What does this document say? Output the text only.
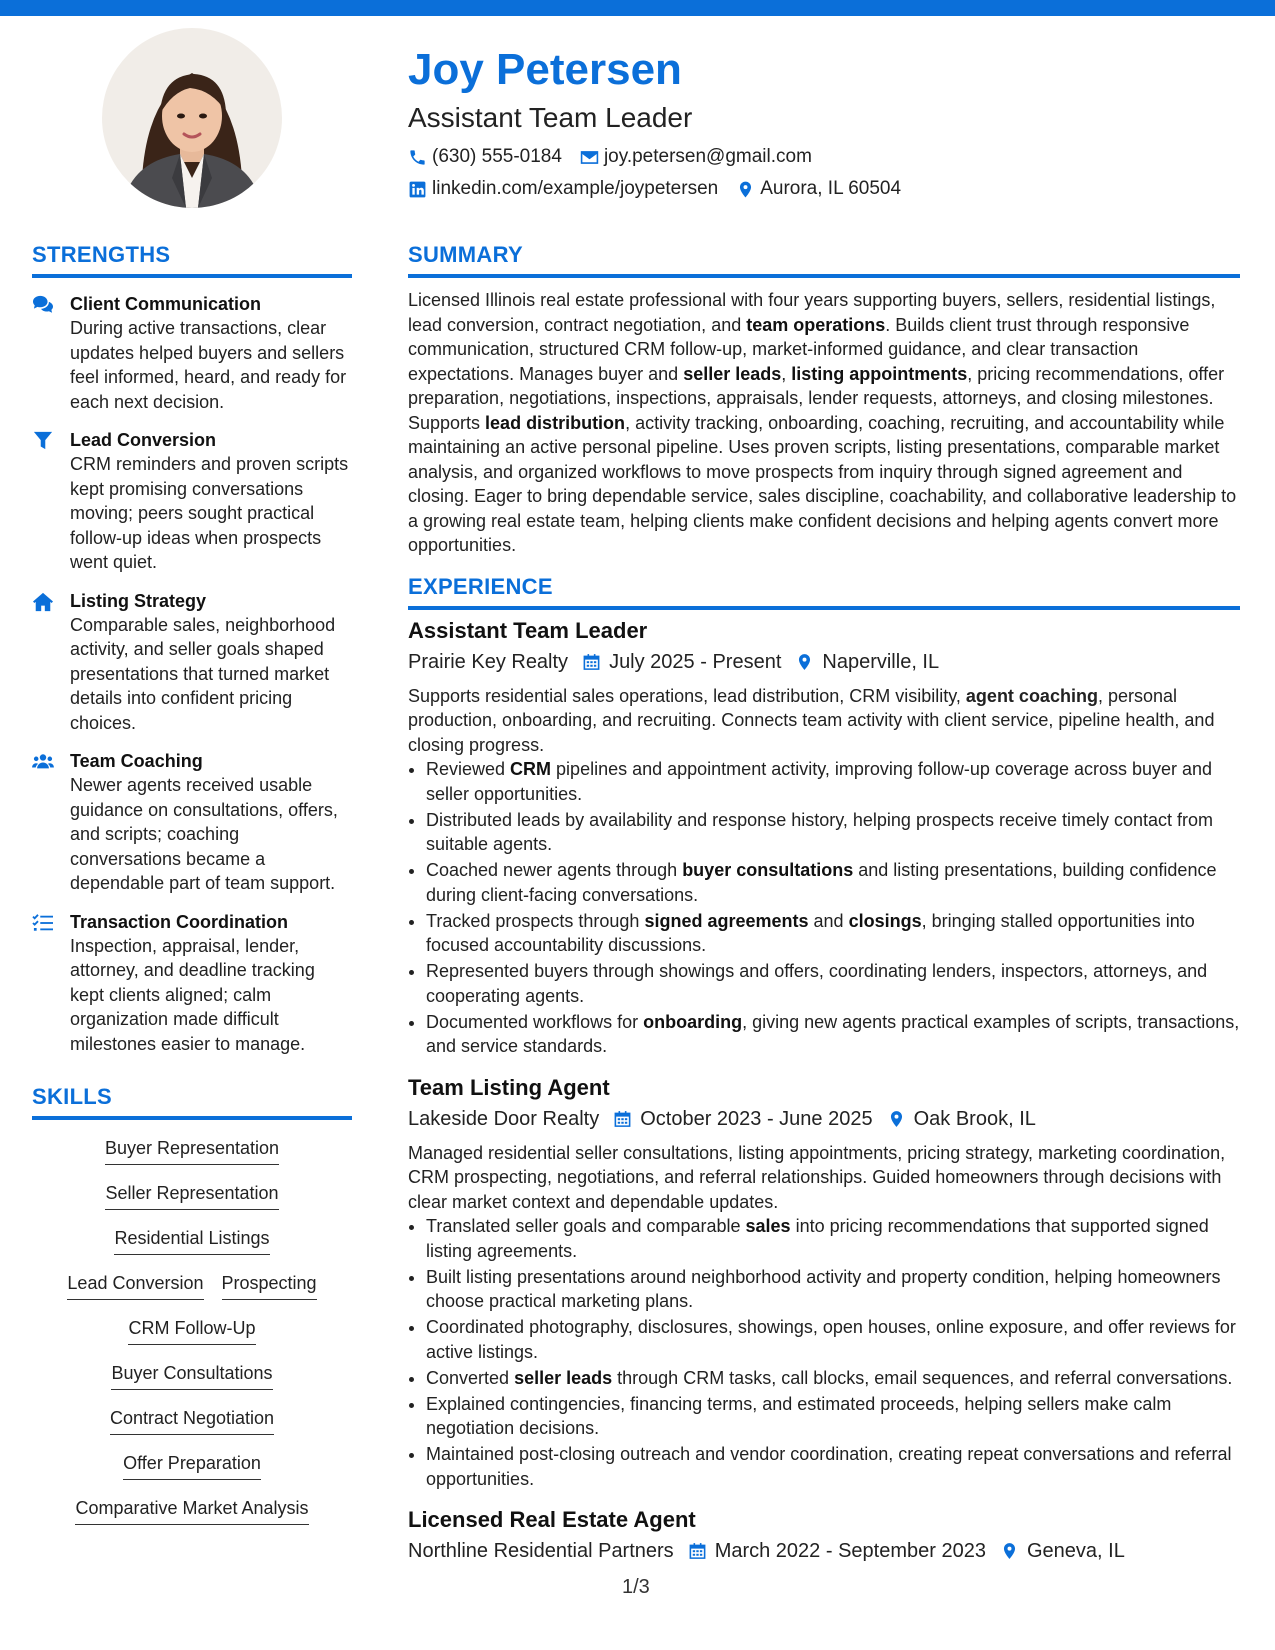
Joy Petersen
Assistant Team Leader
(630) 555-0184 joy.petersen@gmail.com
linkedin.com/example/joypetersen Aurora, IL 60504
STRENGTHS
Client Communication
During active transactions, clear updates helped buyers and sellers feel informed, heard, and ready for each next decision.
Lead Conversion
CRM reminders and proven scripts kept promising conversations moving; peers sought practical follow-up ideas when prospects went quiet.
Listing Strategy
Comparable sales, neighborhood activity, and seller goals shaped presentations that turned market details into confident pricing choices.
Team Coaching
Newer agents received usable guidance on consultations, offers, and scripts; coaching conversations became a dependable part of team support.
Transaction Coordination
Inspection, appraisal, lender, attorney, and deadline tracking kept clients aligned; calm organization made difficult milestones easier to manage.
SKILLS
Buyer Representation
Seller Representation
Residential Listings
Lead Conversion Prospecting
CRM Follow-Up
Buyer Consultations
Contract Negotiation
Offer Preparation
Comparative Market Analysis
SUMMARY
Licensed Illinois real estate professional with four years supporting buyers, sellers, residential listings, lead conversion, contract negotiation, and team operations. Builds client trust through responsive communication, structured CRM follow-up, market-informed guidance, and clear transaction expectations. Manages buyer and seller leads, listing appointments, pricing recommendations, offer preparation, negotiations, inspections, appraisals, lender requests, attorneys, and closing milestones. Supports lead distribution, activity tracking, onboarding, coaching, recruiting, and accountability while maintaining an active personal pipeline. Uses proven scripts, listing presentations, comparable market analysis, and organized workflows to move prospects from inquiry through signed agreement and closing. Eager to bring dependable service, sales discipline, coachability, and collaborative leadership to a growing real estate team, helping clients make confident decisions and helping agents convert more opportunities.
EXPERIENCE
Assistant Team Leader
Prairie Key Realty July 2025 - Present Naperville, IL
Supports residential sales operations, lead distribution, CRM visibility, agent coaching, personal production, onboarding, and recruiting. Connects team activity with client service, pipeline health, and closing progress.
• Reviewed CRM pipelines and appointment activity, improving follow-up coverage across buyer and seller opportunities.
• Distributed leads by availability and response history, helping prospects receive timely contact from suitable agents.
• Coached newer agents through buyer consultations and listing presentations, building confidence during client-facing conversations.
• Tracked prospects through signed agreements and closings, bringing stalled opportunities into focused accountability discussions.
• Represented buyers through showings and offers, coordinating lenders, inspectors, attorneys, and cooperating agents.
• Documented workflows for onboarding, giving new agents practical examples of scripts, transactions, and service standards.
Team Listing Agent
Lakeside Door Realty October 2023 - June 2025 Oak Brook, IL
Managed residential seller consultations, listing appointments, pricing strategy, marketing coordination, CRM prospecting, negotiations, and referral relationships. Guided homeowners through decisions with clear market context and dependable updates.
• Translated seller goals and comparable sales into pricing recommendations that supported signed listing agreements.
• Built listing presentations around neighborhood activity and property condition, helping homeowners choose practical marketing plans.
• Coordinated photography, disclosures, showings, open houses, online exposure, and offer reviews for active listings.
• Converted seller leads through CRM tasks, call blocks, email sequences, and referral conversations.
• Explained contingencies, financing terms, and estimated proceeds, helping sellers make calm negotiation decisions.
• Maintained post-closing outreach and vendor coordination, creating repeat conversations and referral opportunities.
Licensed Real Estate Agent
Northline Residential Partners March 2022 - September 2023 Geneva, IL
1/3
